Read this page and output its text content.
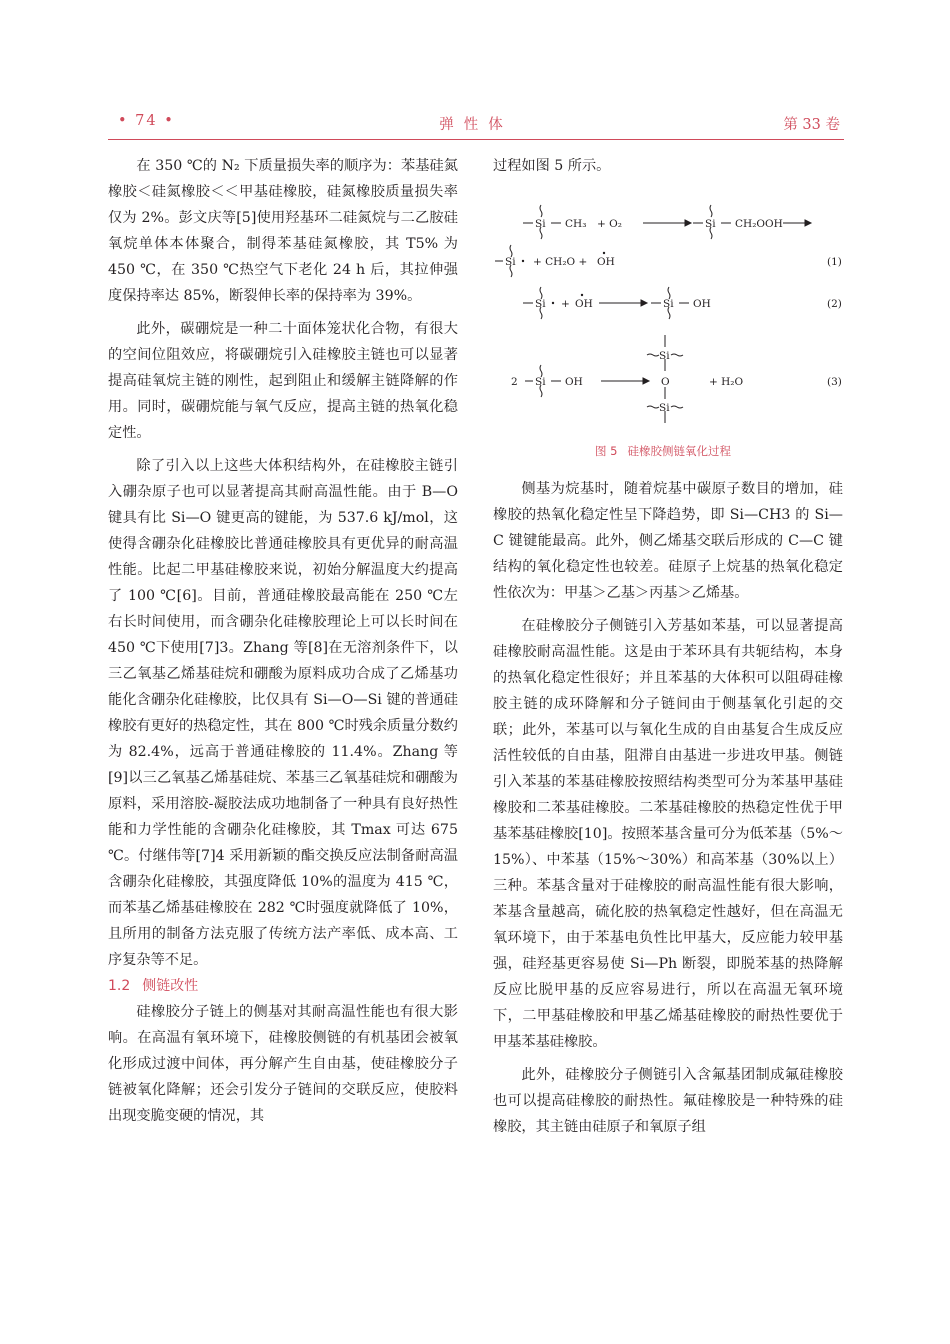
• 74 •	弹性体	第 33 卷

在 350 ℃的 N₂ 下质量损失率的顺序为：苯基硅氮橡胶＜硅氮橡胶＜＜甲基硅橡胶，硅氮橡胶质量损失率仅为 2%。彭文庆等[5]使用羟基环二硅氮烷与二乙胺硅氧烷单体本体聚合，制得苯基硅氮橡胶，其 T5% 为 450 ℃，在 350 ℃热空气下老化 24 h 后，其拉伸强度保持率达 85%，断裂伸长率的保持率为 39%。

此外，碳硼烷是一种二十面体笼状化合物，有很大的空间位阻效应，将碳硼烷引入硅橡胶主链也可以显著提高硅氧烷主链的刚性，起到阻止和缓解主链降解的作用。同时，碳硼烷能与氧气反应，提高主链的热氧化稳定性。

除了引入以上这些大体积结构外，在硅橡胶主链引入硼杂原子也可以显著提高其耐高温性能。由于 B—O 键具有比 Si—O 键更高的键能，为 537.6 kJ/mol，这使得含硼杂化硅橡胶比普通硅橡胶具有更优异的耐高温性能。比起二甲基硅橡胶来说，初始分解温度大约提高了 100 ℃[6]。目前，普通硅橡胶最高能在 250 ℃左右长时间使用，而含硼杂化硅橡胶理论上可以长时间在 450 ℃下使用[7]3。Zhang 等[8]在无溶剂条件下，以三乙氧基乙烯基硅烷和硼酸为原料成功合成了乙烯基功能化含硼杂化硅橡胶，比仅具有 Si—O—Si 键的普通硅橡胶有更好的热稳定性，其在 800 ℃时残余质量分数约为 82.4%，远高于普通硅橡胶的 11.4%。Zhang 等[9]以三乙氧基乙烯基硅烷、苯基三乙氧基硅烷和硼酸为原料，采用溶胶-凝胶法成功地制备了一种具有良好热性能和力学性能的含硼杂化硅橡胶，其 Tmax 可达 675 ℃。付继伟等[7]4 采用新颖的酯交换反应法制备耐高温含硼杂化硅橡胶，其强度降低 10%的温度为 415 ℃，而苯基乙烯基硅橡胶在 282 ℃时强度就降低了 10%，且所用的制备方法克服了传统方法产率低、成本高、工序复杂等不足。

1.2 侧链改性

硅橡胶分子链上的侧基对其耐高温性能也有很大影响。在高温有氧环境下，硅橡胶侧链的有机基团会被氧化形成过渡中间体，再分解产生自由基，使硅橡胶分子链被氧化降解；还会引发分子链间的交联反应，使胶料出现变脆变硬的情况，其

过程如图 5 所示。

Si CH₃ + O₂	Si CH₂OOH
Si + CH₂O + OH	(1)
Si + OH	Si OH	(2)
2 Si OH
Si
O
Si
+ H₂O	(3)
图 5 硅橡胶侧链氧化过程

侧基为烷基时，随着烷基中碳原子数目的增加，硅橡胶的热氧化稳定性呈下降趋势，即 Si—CH3 的 Si—C 键键能最高。此外，侧乙烯基交联后形成的 C—C 键结构的氧化稳定性也较差。硅原子上烷基的热氧化稳定性依次为：甲基＞乙基＞丙基＞乙烯基。

在硅橡胶分子侧链引入芳基如苯基，可以显著提高硅橡胶耐高温性能。这是由于苯环具有共轭结构，本身的热氧化稳定性很好；并且苯基的大体积可以阻碍硅橡胶主链的成环降解和分子链间由于侧基氧化引起的交联；此外，苯基可以与氧化生成的自由基复合生成反应活性较低的自由基，阻滞自由基进一步进攻甲基。侧链引入苯基的苯基硅橡胶按照结构类型可分为苯基甲基硅橡胶和二苯基硅橡胶。二苯基硅橡胶的热稳定性优于甲基苯基硅橡胶[10]。按照苯基含量可分为低苯基（5%～15%）、中苯基（15%～30%）和高苯基（30%以上）三种。苯基含量对于硅橡胶的耐高温性能有很大影响，苯基含量越高，硫化胶的热氧稳定性越好，但在高温无氧环境下，由于苯基电负性比甲基大，反应能力较甲基强，硅羟基更容易使 Si—Ph 断裂，即脱苯基的热降解反应比脱甲基的反应容易进行，所以在高温无氧环境下，二甲基硅橡胶和甲基乙烯基硅橡胶的耐热性要优于甲基苯基硅橡胶。

此外，硅橡胶分子侧链引入含氟基团制成氟硅橡胶也可以提高硅橡胶的耐热性。氟硅橡胶是一种特殊的硅橡胶，其主链由硅原子和氧原子组
